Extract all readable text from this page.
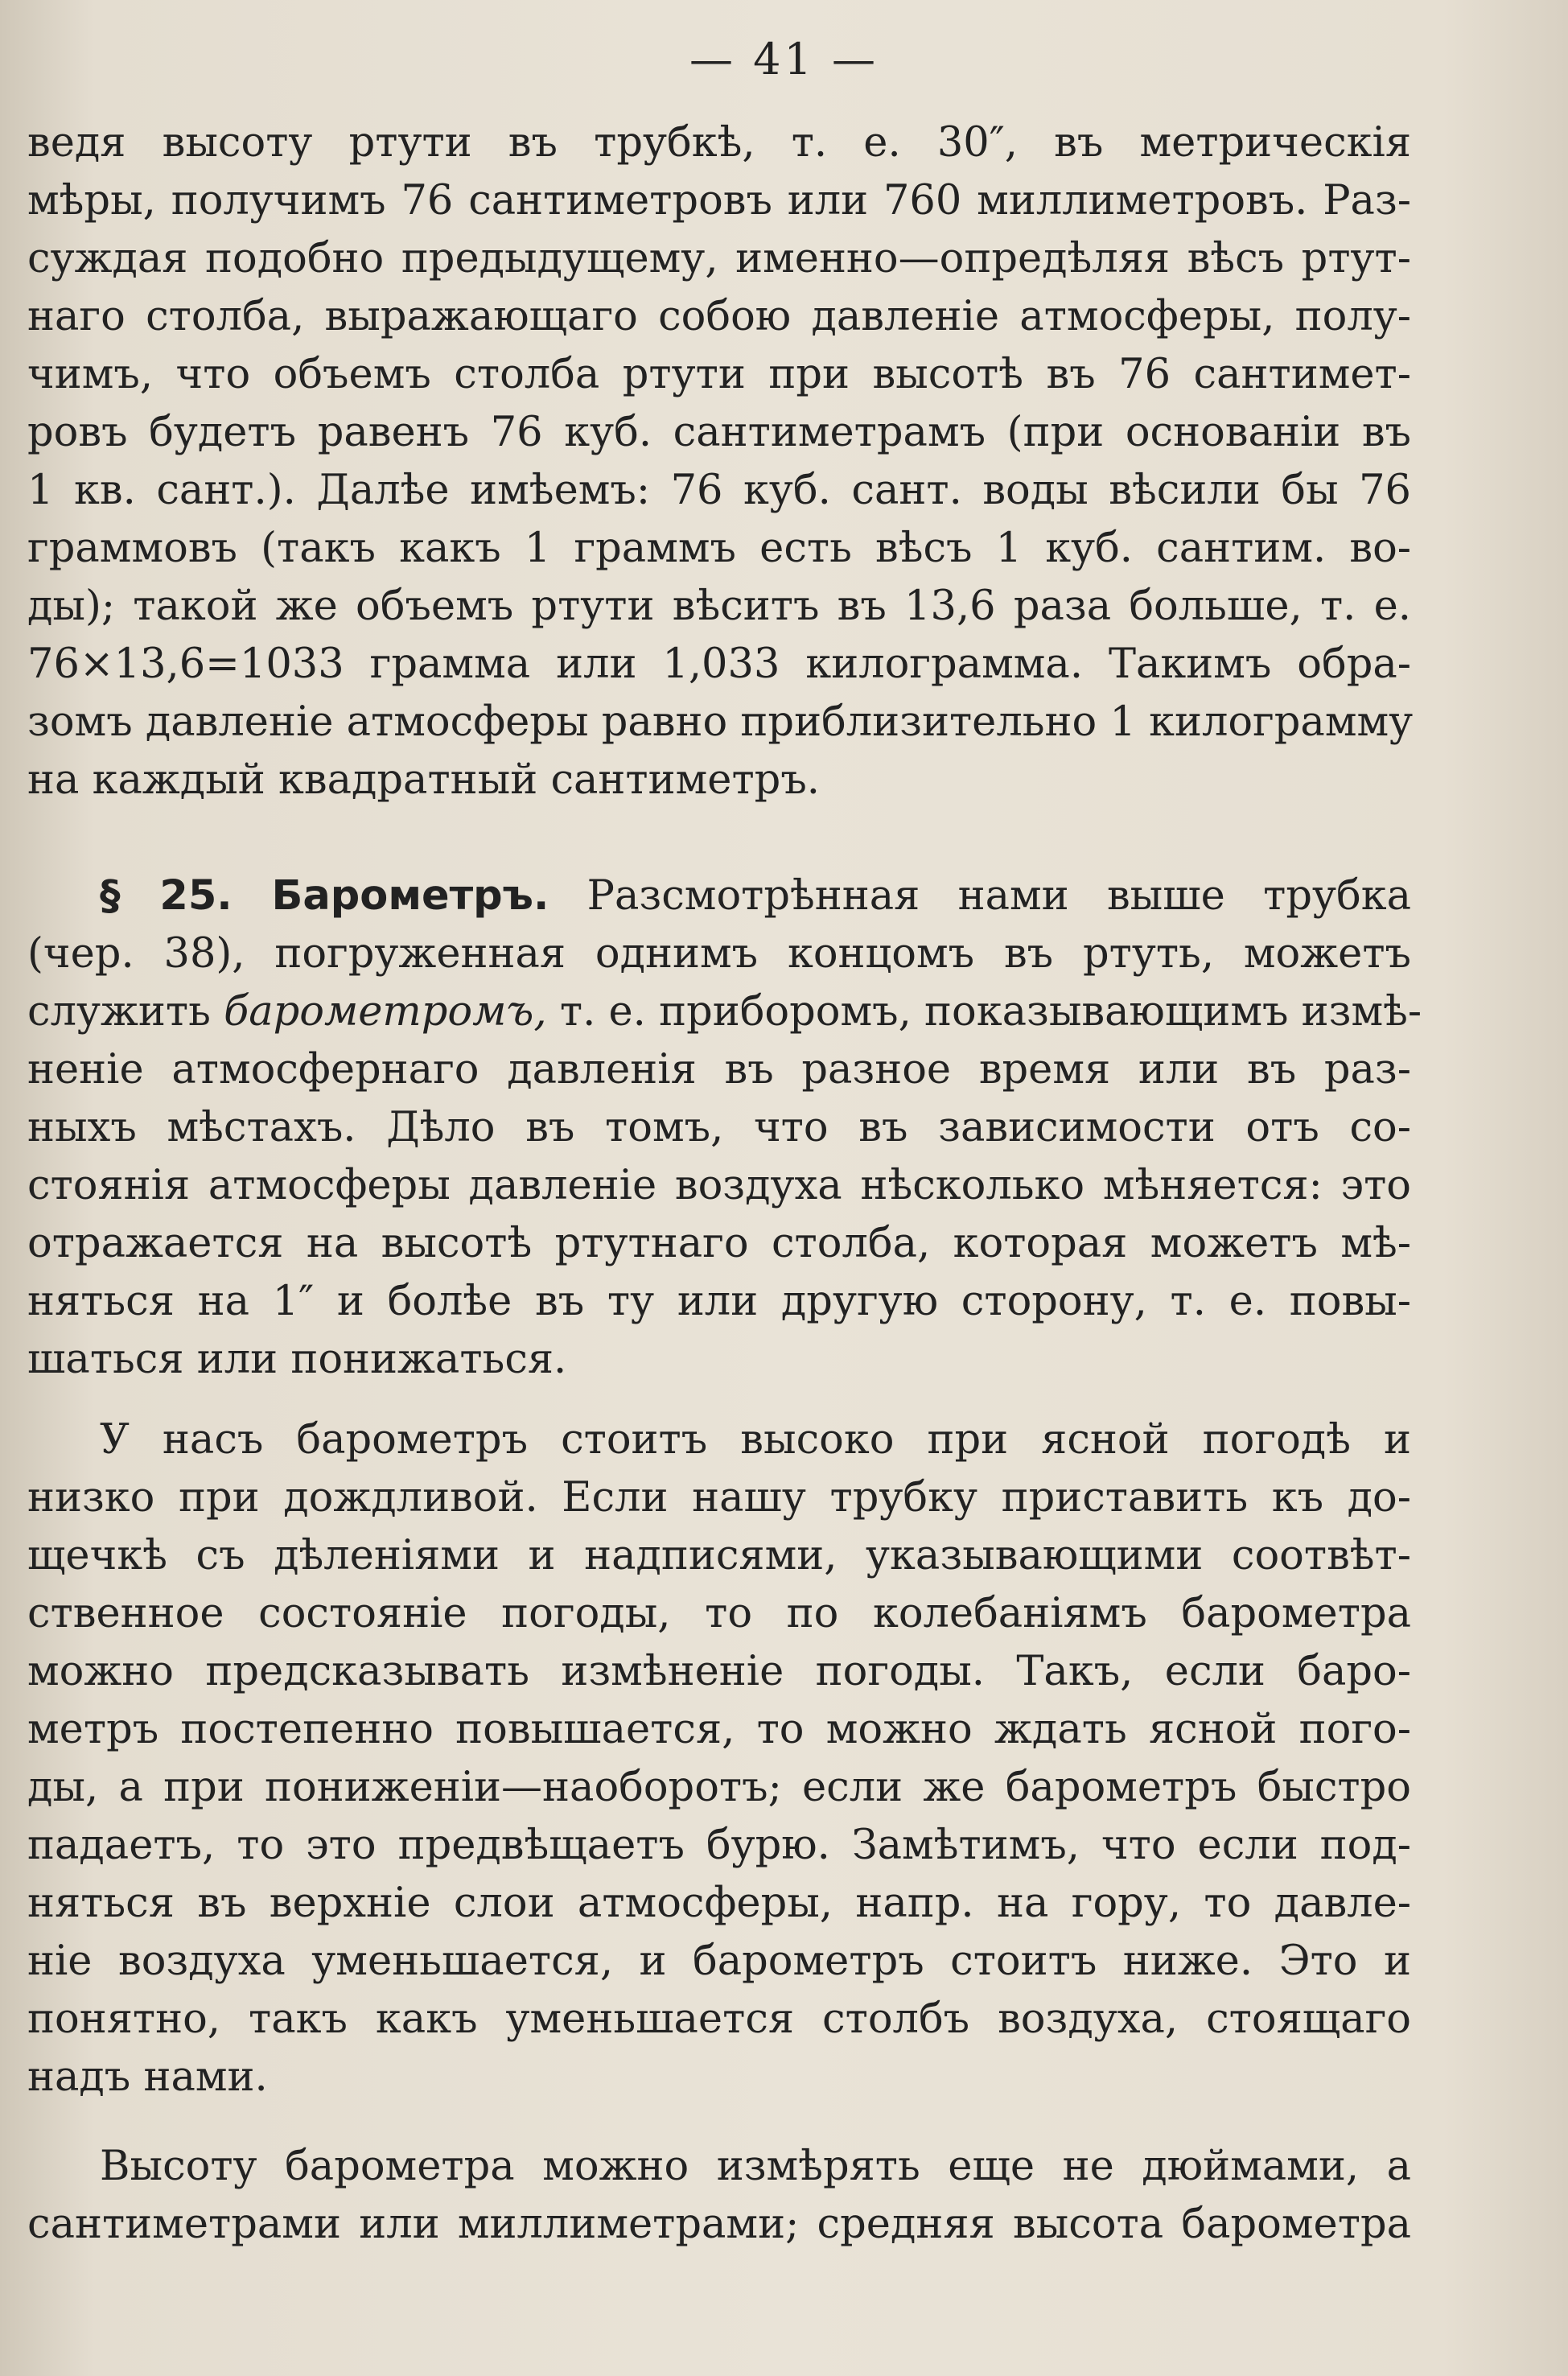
— 41 —
ведя высоту ртути въ трубкѣ, т. е. 30″, въ метрическія
мѣры, получимъ 76 сантиметровъ или 760 миллиметровъ. Раз-
суждая подобно предыдущему, именно—опредѣляя вѣсъ ртут-
наго столба, выражающаго собою давленіе атмосферы, полу-
чимъ, что объемъ столба ртути при высотѣ въ 76 сантимет-
ровъ будетъ равенъ 76 куб. сантиметрамъ (при основаніи въ
1 кв. сант.). Далѣе имѣемъ: 76 куб. сант. воды вѣсили бы 76
граммовъ (такъ какъ 1 граммъ есть вѣсъ 1 куб. сантим. во-
ды); такой же объемъ ртути вѣситъ въ 13,6 раза больше, т. е.
76×13,6=1033 грамма или 1,033 килограмма. Такимъ обра-
зомъ давленіе атмосферы равно приблизительно 1 килограмму
на каждый квадратный сантиметръ.
§ 25. Барометръ. Разсмотрѣнная нами выше трубка
(чер. 38), погруженная однимъ концомъ въ ртуть, можетъ
служить барометромъ, т. е. приборомъ, показывающимъ измѣ-
неніе атмосфернаго давленія въ разное время или въ раз-
ныхъ мѣстахъ. Дѣло въ томъ, что въ зависимости отъ со-
стоянія атмосферы давленіе воздуха нѣсколько мѣняется: это
отражается на высотѣ ртутнаго столба, которая можетъ мѣ-
няться на 1″ и болѣе въ ту или другую сторону, т. е. повы-
шаться или понижаться.
У насъ барометръ стоитъ высоко при ясной погодѣ и
низко при дождливой. Если нашу трубку приставить къ до-
щечкѣ съ дѣленіями и надписями, указывающими соотвѣт-
ственное состояніе погоды, то по колебаніямъ барометра
можно предсказывать измѣненіе погоды. Такъ, если баро-
метръ постепенно повышается, то можно ждать ясной пого-
ды, а при пониженіи—наоборотъ; если же барометръ быстро
падаетъ, то это предвѣщаетъ бурю. Замѣтимъ, что если под-
няться въ верхніе слои атмосферы, напр. на гору, то давле-
ніе воздуха уменьшается, и барометръ стоитъ ниже. Это и
понятно, такъ какъ уменьшается столбъ воздуха, стоящаго
надъ нами.
Высоту барометра можно измѣрять еще не дюймами, а
сантиметрами или миллиметрами; средняя высота барометра
